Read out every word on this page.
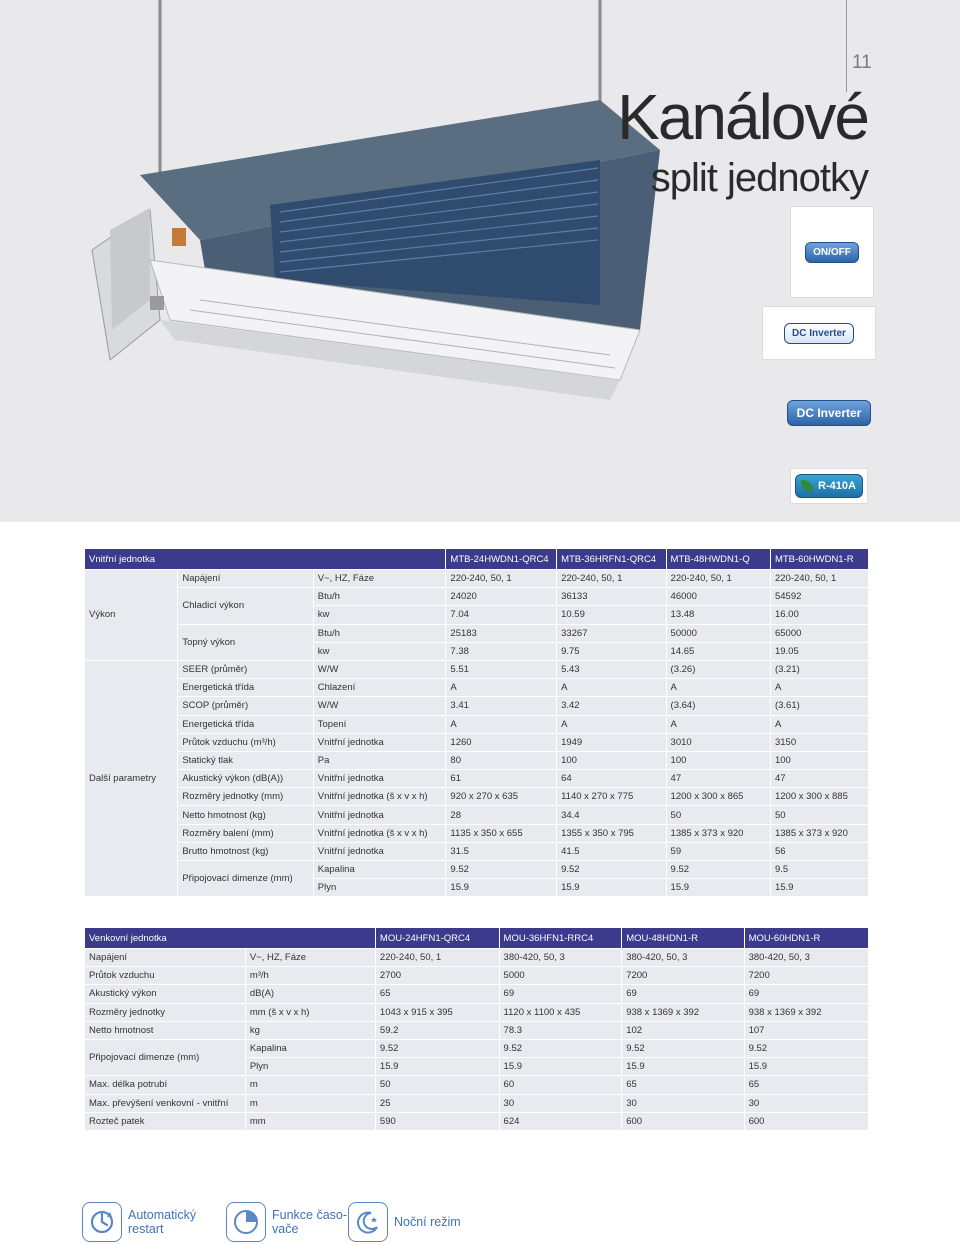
11
Kanálové
split jednotky
ON/OFF
DC Inverter
DC Inverter
R-410A
Vnitřní jednotka			MTB-24HWDN1-QRC4	MTB-36HRFN1-QRC4	MTB-48HWDN1-Q	MTB-60HWDN1-R
Výkon	Napájení	V~, HZ, Fáze	220-240, 50, 1	220-240, 50, 1	220-240, 50, 1	220-240, 50, 1
	Chladicí výkon	Btu/h	24020	36133	46000	54592
		kw	7.04	10.59	13.48	16.00
	Topný výkon	Btu/h	25183	33267	50000	65000
		kw	7.38	9.75	14.65	19.05
Další parametry	SEER (průměr)	W/W	5.51	5.43	(3.26)	(3.21)
	Energetická třída	Chlazení	A	A	A	A
	SCOP (průměr)	W/W	3.41	3.42	(3.64)	(3.61)
	Energetická třída	Topení	A	A	A	A
	Průtok vzduchu (m³/h)	Vnitřní jednotka	1260	1949	3010	3150
	Statický tlak	Pa	80	100	100	100
	Akustický výkon (dB(A))	Vnitřní jednotka	61	64	47	47
	Rozměry jednotky (mm)	Vnitřní jednotka (š x v x h)	920 x 270 x 635	1140 x 270 x 775	1200 x 300 x 865	1200 x 300 x 885
	Netto hmotnost (kg)	Vnitřní jednotka	28	34.4	50	50
	Rozměry balení (mm)	Vnitřní jednotka (š x v x h)	1135 x 350 x 655	1355 x 350 x 795	1385 x 373 x 920	1385 x 373 x 920
	Brutto hmotnost (kg)	Vnitřní jednotka	31.5	41.5	59	56
	Připojovací dimenze (mm)	Kapalina	9.52	9.52	9.52	9.5
		Plyn	15.9	15.9	15.9	15.9
Venkovní jednotka		MOU-24HFN1-QRC4	MOU-36HFN1-RRC4	MOU-48HDN1-R	MOU-60HDN1-R
Napájení	V~, HZ, Fáze	220-240, 50, 1	380-420, 50, 3	380-420, 50, 3	380-420, 50, 3
Průtok vzduchu	m³/h	2700	5000	7200	7200
Akustický výkon	dB(A)	65	69	69	69
Rozměry jednotky	mm (š x v x h)	1043 x 915 x 395	1120 x 1100 x 435	938 x 1369 x 392	938 x 1369 x 392
Netto hmotnost	kg	59.2	78.3	102	107
Připojovací dimenze (mm)	Kapalina	9.52	9.52	9.52	9.52
	Plyn	15.9	15.9	15.9	15.9
Max. délka potrubí	m	50	60	65	65
Max. převýšení venkovní - vnitřní	m	25	30	30	30
Rozteč patek	mm	590	624	600	600
Automatický
restart
Funkce časo-
vače	Noční režim
